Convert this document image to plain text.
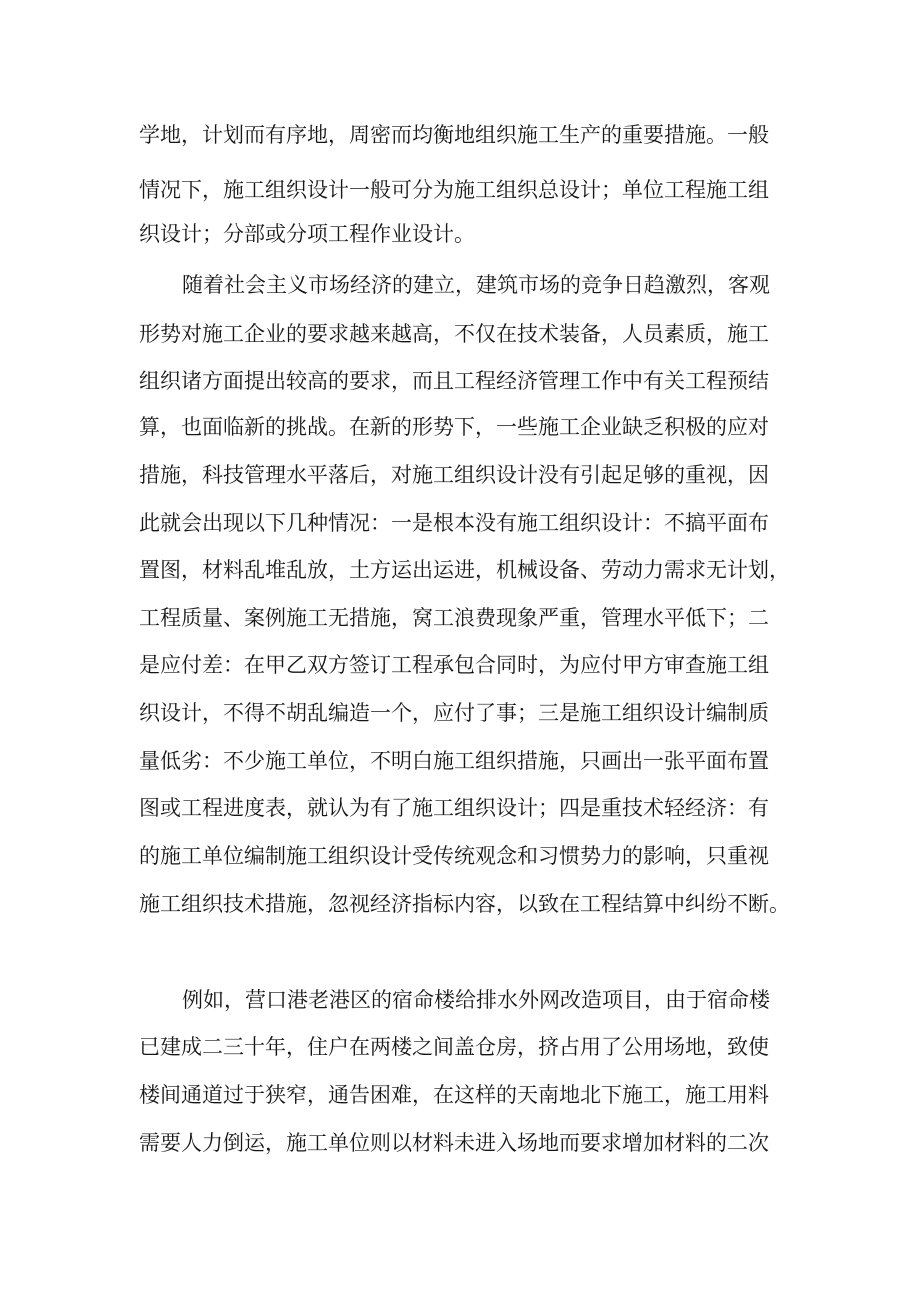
学地，计划而有序地，周密而均衡地组织施工生产的重要措施。一般

情况下，施工组织设计一般可分为施工组织总设计；单位工程施工组

织设计；分部或分项工程作业设计。

随着社会主义市场经济的建立，建筑市场的竞争日趋激烈，客观

形势对施工企业的要求越来越高，不仅在技术装备，人员素质，施工

组织诸方面提出较高的要求，而且工程经济管理工作中有关工程预结

算，也面临新的挑战。在新的形势下，一些施工企业缺乏积极的应对

措施，科技管理水平落后，对施工组织设计没有引起足够的重视，因

此就会出现以下几种情况：一是根本没有施工组织设计：不搞平面布

置图，材料乱堆乱放，土方运出运进，机械设备、劳动力需求无计划，

工程质量、案例施工无措施，窝工浪费现象严重，管理水平低下；二

是应付差：在甲乙双方签订工程承包合同时，为应付甲方审查施工组

织设计，不得不胡乱编造一个，应付了事；三是施工组织设计编制质

量低劣：不少施工单位，不明白施工组织措施，只画出一张平面布置

图或工程进度表，就认为有了施工组织设计；四是重技术轻经济：有

的施工单位编制施工组织设计受传统观念和习惯势力的影响，只重视

施工组织技术措施，忽视经济指标内容，以致在工程结算中纠纷不断。

例如，营口港老港区的宿命楼给排水外网改造项目，由于宿命楼

已建成二三十年，住户在两楼之间盖仓房，挤占用了公用场地，致使

楼间通道过于狭窄，通告困难，在这样的天南地北下施工，施工用料

需要人力倒运，施工单位则以材料未进入场地而要求增加材料的二次
